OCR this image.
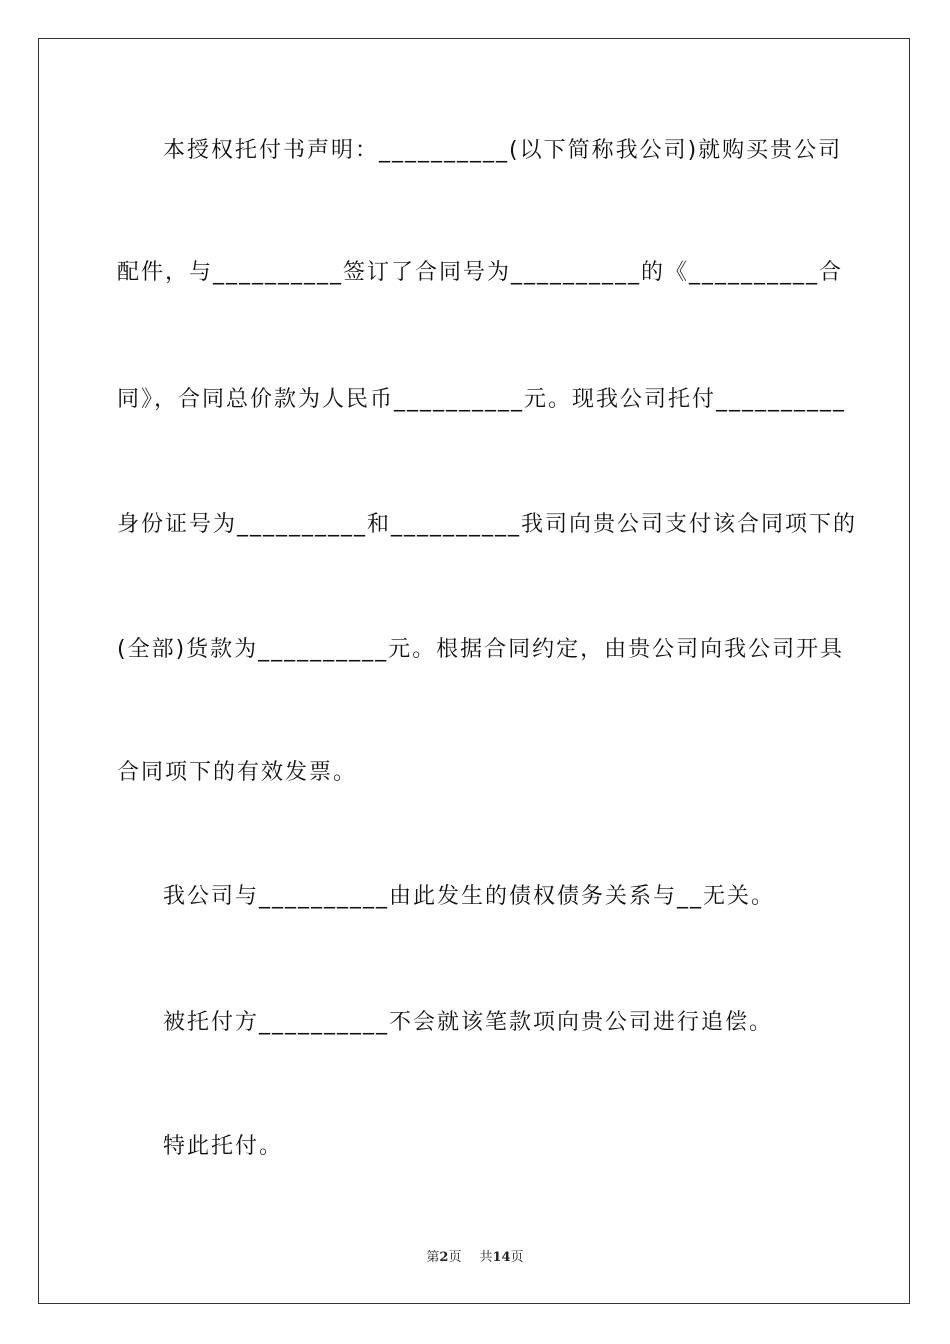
本授权托付书声明：__________(以下简称我公司)就购买贵公司
配件，与__________签订了合同号为__________的《__________合
同》，合同总价款为人民币__________元。现我公司托付__________
身份证号为__________和__________我司向贵公司支付该合同项下的
(全部)货款为__________元。根据合同约定，由贵公司向我公司开具
合同项下的有效发票。
我公司与__________由此发生的债权债务关系与__无关。
被托付方__________不会就该笔款项向贵公司进行追偿。
特此托付。
第2页 共14页
